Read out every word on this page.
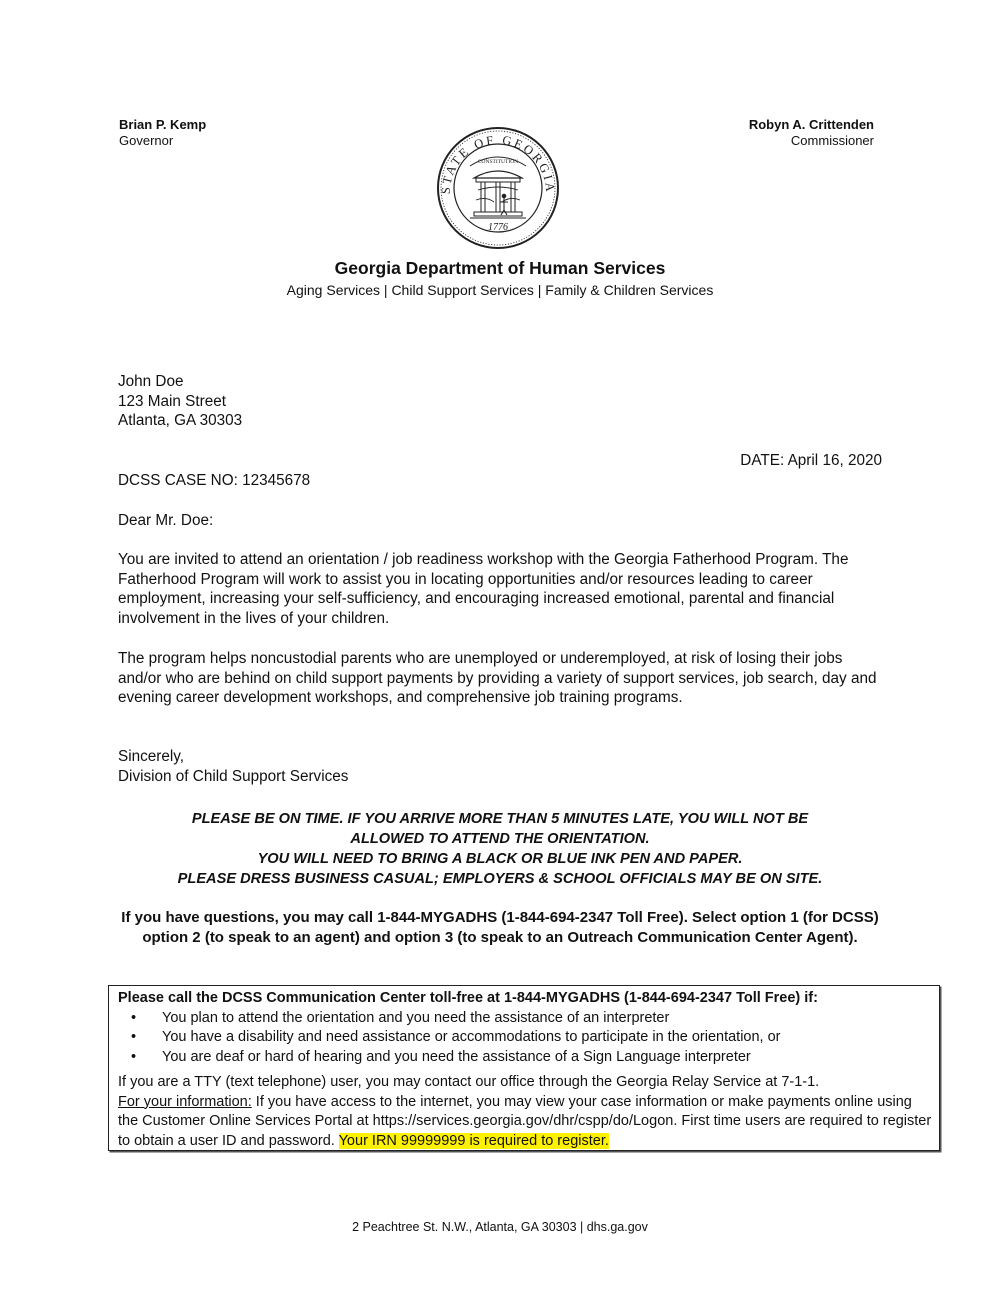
Brian P. Kemp
Governor
Robyn A. Crittenden
Commissioner
STATE OF GEORGIA
CONSTITUTION
1776
Georgia Department of Human Services
Aging Services | Child Support Services | Family & Children Services
John Doe
123 Main Street
Atlanta, GA 30303
DATE: April 16, 2020
DCSS CASE NO: 12345678
Dear Mr. Doe:
You are invited to attend an orientation / job readiness workshop with the Georgia Fatherhood Program. The Fatherhood Program will work to assist you in locating opportunities and/or resources leading to career employment, increasing your self-sufficiency, and encouraging increased emotional, parental and financial involvement in the lives of your children.
The program helps noncustodial parents who are unemployed or underemployed, at risk of losing their jobs and/or who are behind on child support payments by providing a variety of support services, job search, day and evening career development workshops, and comprehensive job training programs.
Sincerely,
Division of Child Support Services
PLEASE BE ON TIME. IF YOU ARRIVE MORE THAN 5 MINUTES LATE, YOU WILL NOT BE
ALLOWED TO ATTEND THE ORIENTATION.
YOU WILL NEED TO BRING A BLACK OR BLUE INK PEN AND PAPER.
PLEASE DRESS BUSINESS CASUAL; EMPLOYERS & SCHOOL OFFICIALS MAY BE ON SITE.
If you have questions, you may call 1-844-MYGADHS (1-844-694-2347 Toll Free). Select option 1 (for DCSS) option 2 (to speak to an agent) and option 3 (to speak to an Outreach Communication Center Agent).
Please call the DCSS Communication Center toll-free at 1-844-MYGADHS (1-844-694-2347 Toll Free) if:
• You plan to attend the orientation and you need the assistance of an interpreter
• You have a disability and need assistance or accommodations to participate in the orientation, or
• You are deaf or hard of hearing and you need the assistance of a Sign Language interpreter
If you are a TTY (text telephone) user, you may contact our office through the Georgia Relay Service at 7-1-1.
For your information: If you have access to the internet, you may view your case information or make payments online using the Customer Online Services Portal at https://services.georgia.gov/dhr/cspp/do/Logon. First time users are required to register to obtain a user ID and password. Your IRN 99999999 is required to register.
2 Peachtree St. N.W., Atlanta, GA 30303 | dhs.ga.gov
